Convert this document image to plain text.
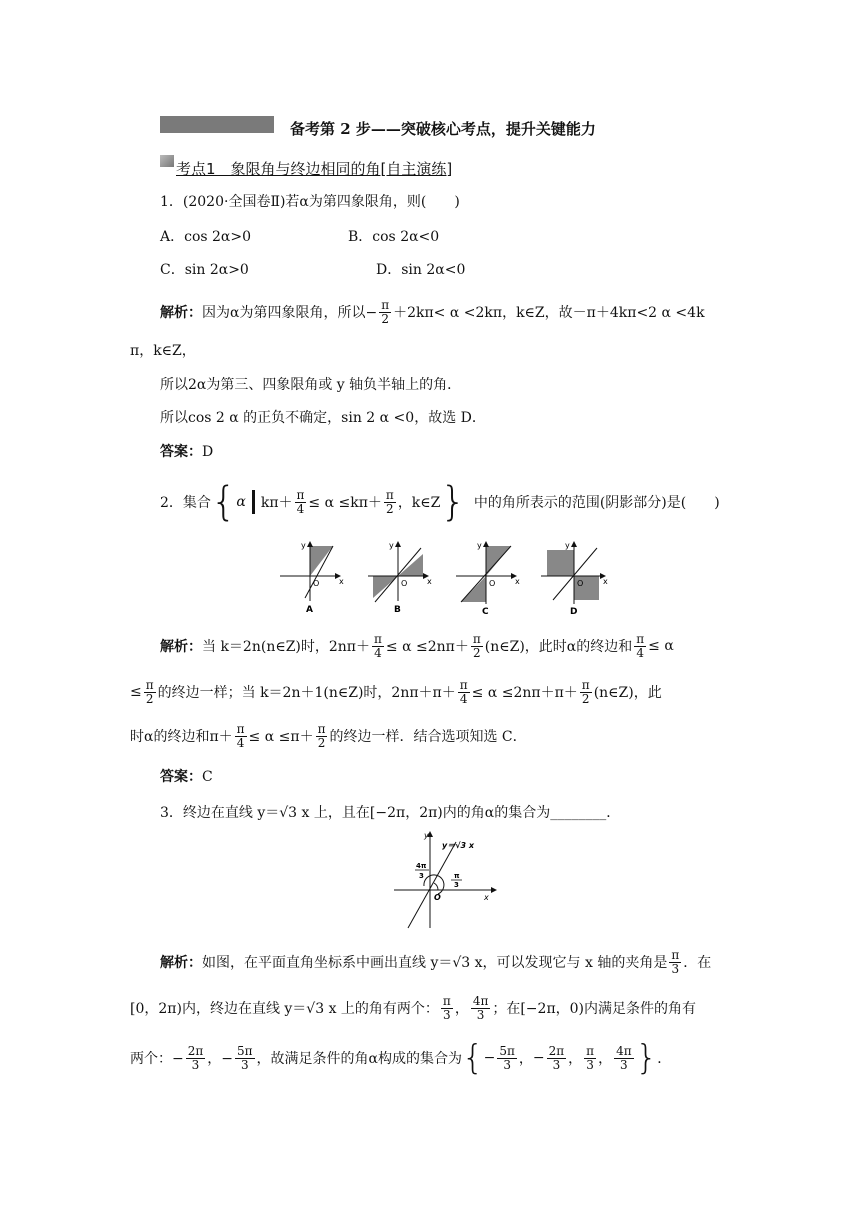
备考第 2 步——突破核心考点，提升关键能力
考点1　象限角与终边相同的角[自主演练]
1．(2020·全国卷Ⅱ)若α为第四象限角，则(　　)
A．cos 2α>0	B．cos 2α<0
C．sin 2α>0	D．sin 2α<0
解析： 因为α为第四象限角，所以− $\frac{\pi}{2} +2k\pi< \alpha <2k\pi$，k∈Z，故－π＋4kπ<2 α <4k
π，k∈Z，
所以2α为第三、四象限角或 y 轴负半轴上的角．
所以cos 2 α 的正负不确定，sin 2 α <0，故选 D．
答案：D
2．集合 { α $k\pi+ \frac{\pi}{4} \le \alpha \le k\pi+ \frac{\pi}{2}$ ，k∈Z } 中的角所表示的范围(阴影部分)是(　　)
y
x
O
A
y
x
O
B
y
x
O
C
y
x
O
D
解析： 当 k＝2n(n∈Z)时，$2n\pi+ \frac{\pi}{4} \le \alpha \le 2n\pi+ \frac{\pi}{2}$ (n∈Z)，此时α的终边和 $\frac{\pi}{4} \le \alpha$
≤ $\frac{\pi}{2}$ 的终边一样；当 k＝2n＋1(n∈Z)时，$2n\pi+\pi+ \frac{\pi}{4} \le \alpha \le 2n\pi+\pi+ \frac{\pi}{2}$ (n∈Z)，此
时α的终边和$\pi+ \frac{\pi}{4} \le \alpha \le\pi+ \frac{\pi}{2}$ 的终边一样．结合选项知选 C．
答案：C
3．终边在直线 y＝√3 x 上，且在[−2π，2π)内的角α的集合为________．
y
x
O
y＝√3 x
π
3
4π
3
解析： 如图，在平面直角坐标系中画出直线 y＝√3 x，可以发现它与 x 轴的夹角是 $\frac{\pi}{3}$ ．在
[0，2π)内，终边在直线 y＝√3 x 上的角有两个： $\frac{\pi}{3}$ ， $\frac{4\pi}{3}$ ；在[−2π，0)内满足条件的角有
两个：− $\frac{2\pi}{3}$ ，− $\frac{5\pi}{3}$ ，故满足条件的角α构成的集合为 { − $\frac{5\pi}{3}$ ， − $\frac{2\pi}{3}$ ， $\frac{\pi}{3}$ ， $\frac{4\pi}{3}$ } ．
